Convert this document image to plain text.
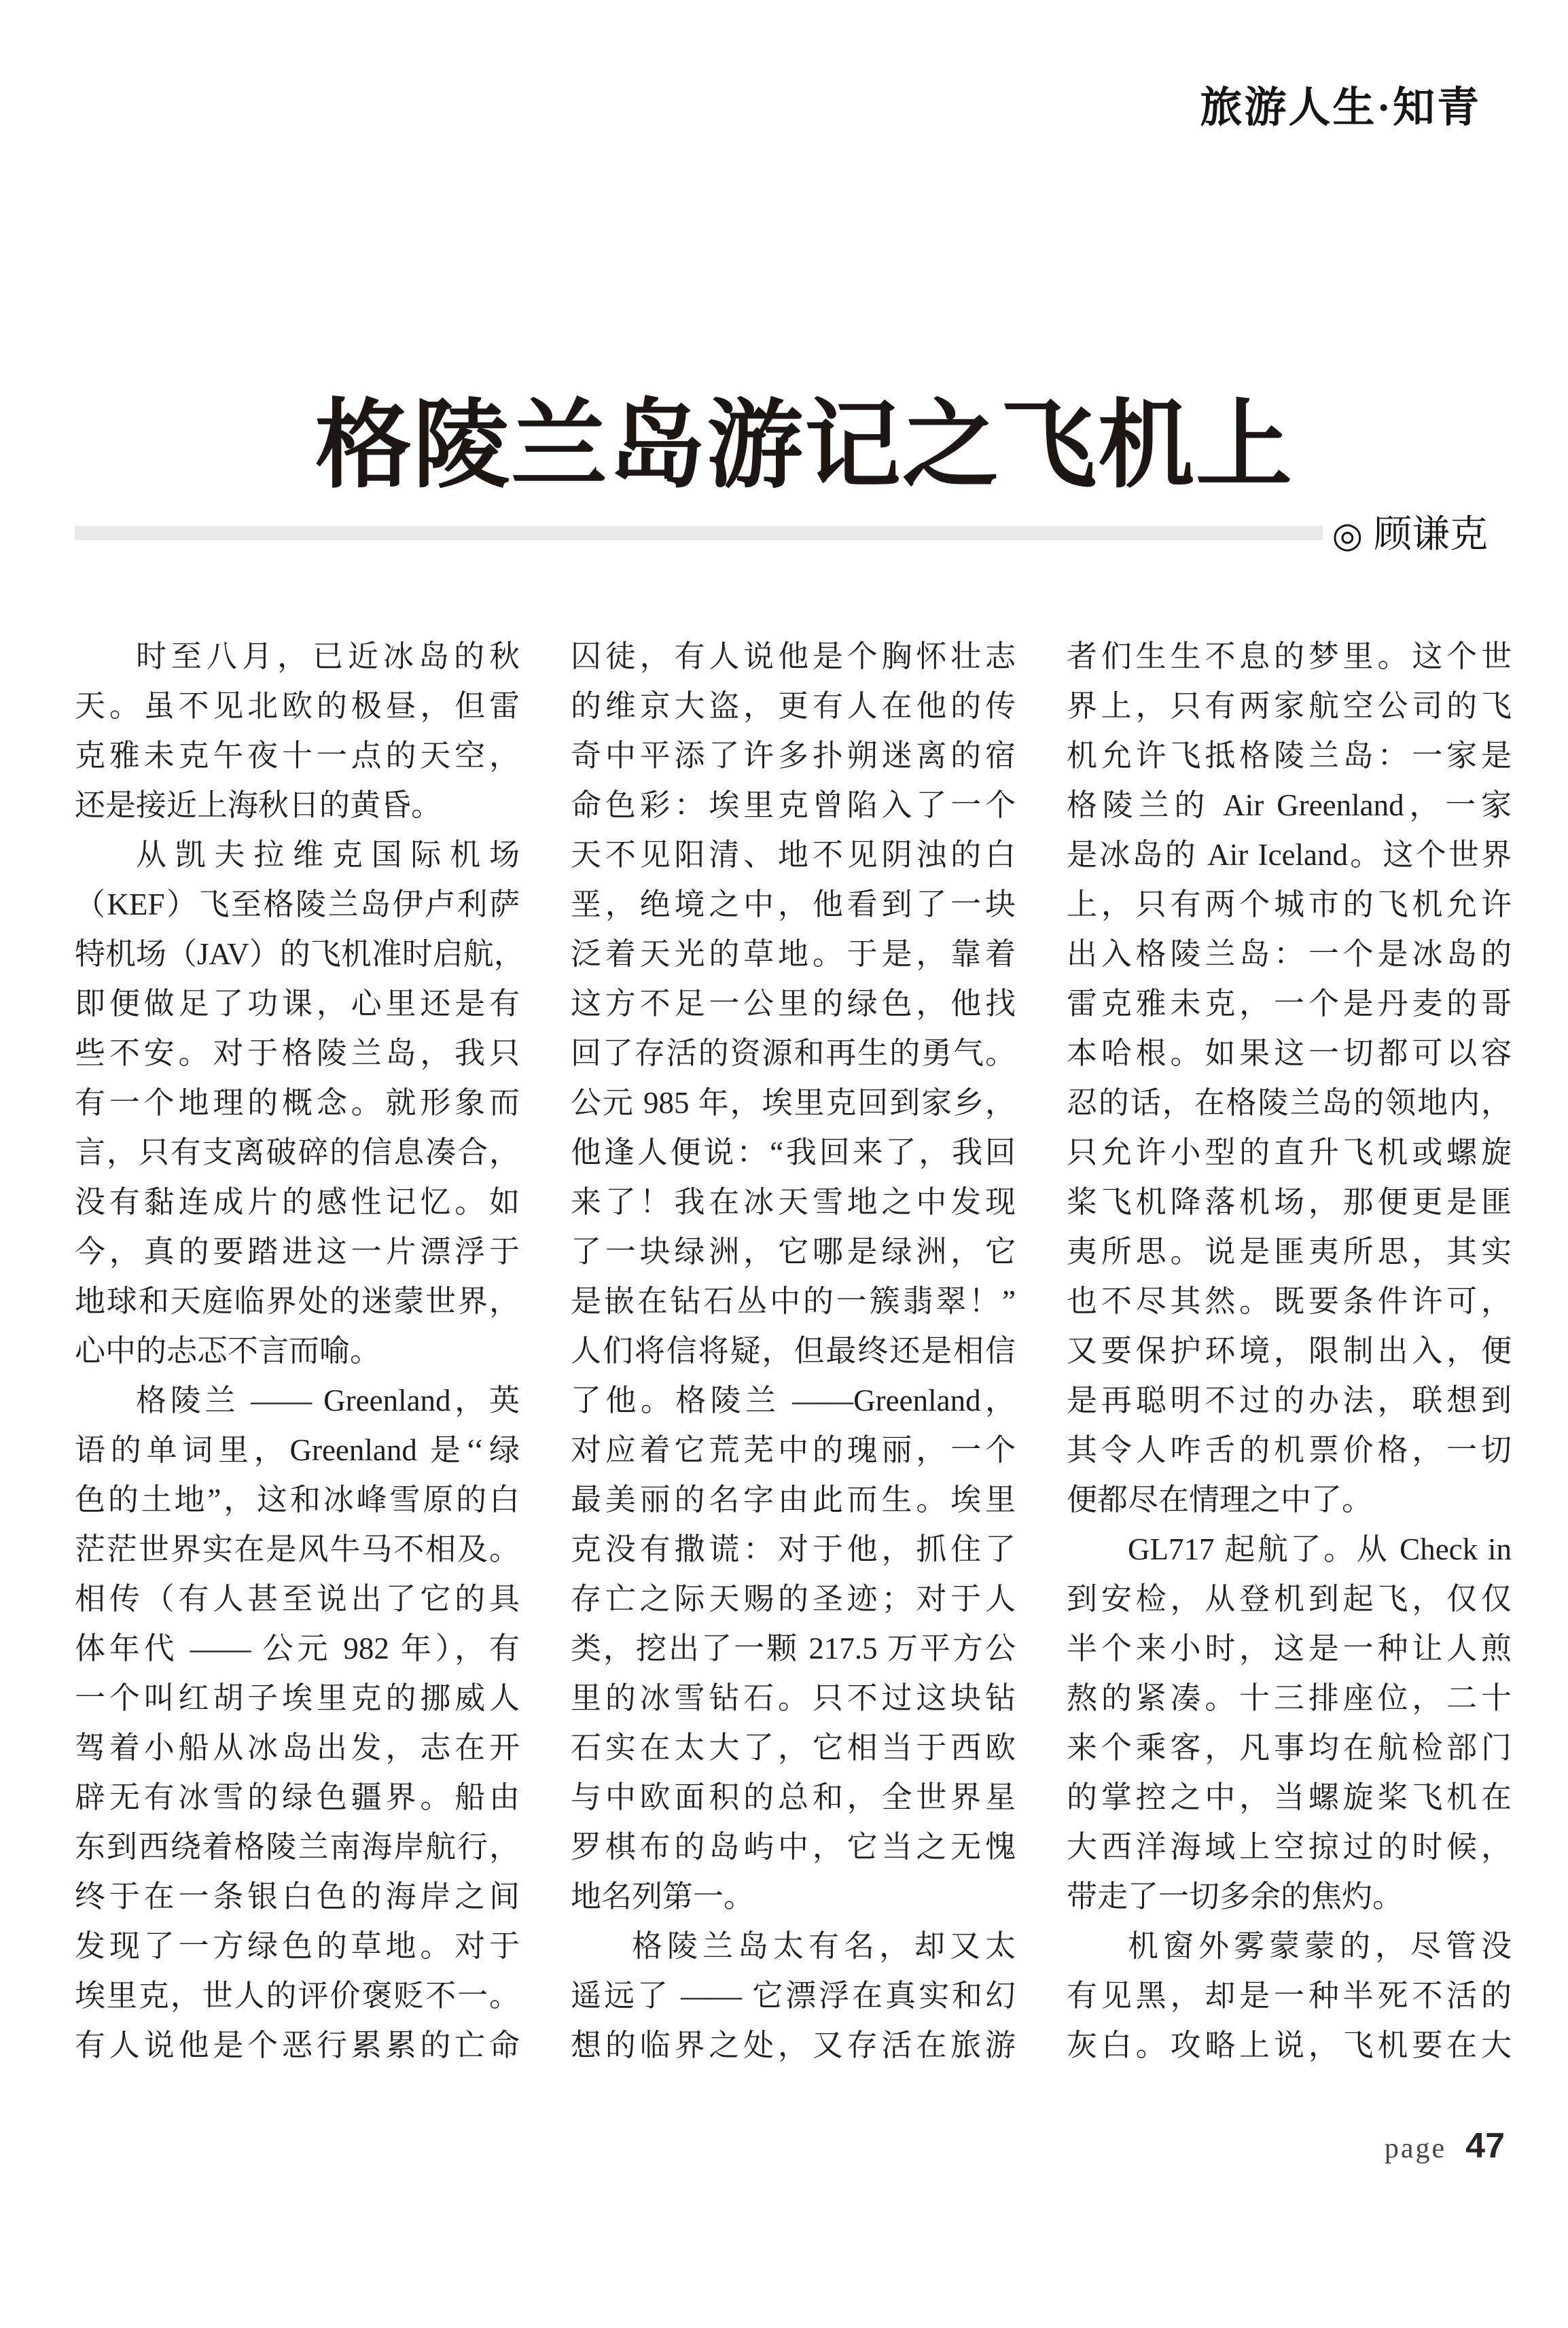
旅游人生·知青
格陵兰岛游记之飞机上
◎ 顾谦克
时至八月，已近冰岛的秋
天。虽不见北欧的极昼，但雷
克雅未克午夜十一点的天空，
还是接近上海秋日的黄昏。
从凯夫拉维克国际机场
（KEF）飞至格陵兰岛伊卢利萨
特机场（JAV）的飞机准时启航，
即便做足了功课，心里还是有
些不安。对于格陵兰岛，我只
有一个地理的概念。就形象而
言，只有支离破碎的信息凑合，
没有黏连成片的感性记忆。如
今，真的要踏进这一片漂浮于
地球和天庭临界处的迷蒙世界，
心中的忐忑不言而喻。
格陵兰 —— Greenland，英
语的单词里，Greenland 是‘‘绿
色的土地”，这和冰峰雪原的白
茫茫世界实在是风牛马不相及。
相传（有人甚至说出了它的具
体年代 —— 公元 982 年），有
一个叫红胡子埃里克的挪威人
驾着小船从冰岛出发，志在开
辟无有冰雪的绿色疆界。船由
东到西绕着格陵兰南海岸航行，
终于在一条银白色的海岸之间
发现了一方绿色的草地。对于
埃里克，世人的评价褒贬不一。
有人说他是个恶行累累的亡命
囚徒，有人说他是个胸怀壮志
的维京大盗，更有人在他的传
奇中平添了许多扑朔迷离的宿
命色彩：埃里克曾陷入了一个
天不见阳清、地不见阴浊的白
垩，绝境之中，他看到了一块
泛着天光的草地。于是，靠着
这方不足一公里的绿色，他找
回了存活的资源和再生的勇气。
公元 985 年，埃里克回到家乡，
他逢人便说：“我回来了，我回
来了！我在冰天雪地之中发现
了一块绿洲，它哪是绿洲，它
是嵌在钻石丛中的一簇翡翠！”
人们将信将疑，但最终还是相信
了他。格陵兰 ——Greenland，
对应着它荒芜中的瑰丽，一个
最美丽的名字由此而生。埃里
克没有撒谎：对于他，抓住了
存亡之际天赐的圣迹；对于人
类，挖出了一颗 217.5 万平方公
里的冰雪钻石。只不过这块钻
石实在太大了，它相当于西欧
与中欧面积的总和，全世界星
罗棋布的岛屿中，它当之无愧
地名列第一。
格陵兰岛太有名，却又太
遥远了 —— 它漂浮在真实和幻
想的临界之处，又存活在旅游
者们生生不息的梦里。这个世
界上，只有两家航空公司的飞
机允许飞抵格陵兰岛：一家是
格陵兰的 Air Greenland，一家
是冰岛的 Air Iceland。这个世界
上，只有两个城市的飞机允许
出入格陵兰岛：一个是冰岛的
雷克雅未克，一个是丹麦的哥
本哈根。如果这一切都可以容
忍的话，在格陵兰岛的领地内，
只允许小型的直升飞机或螺旋
桨飞机降落机场，那便更是匪
夷所思。说是匪夷所思，其实
也不尽其然。既要条件许可，
又要保护环境，限制出入，便
是再聪明不过的办法，联想到
其令人咋舌的机票价格，一切
便都尽在情理之中了。
GL717 起航了。从 Check in
到安检，从登机到起飞，仅仅
半个来小时，这是一种让人煎
熬的紧凑。十三排座位，二十
来个乘客，凡事均在航检部门
的掌控之中，当螺旋桨飞机在
大西洋海域上空掠过的时候，
带走了一切多余的焦灼。
机窗外雾蒙蒙的，尽管没
有见黑，却是一种半死不活的
灰白。攻略上说，飞机要在大
page 47
